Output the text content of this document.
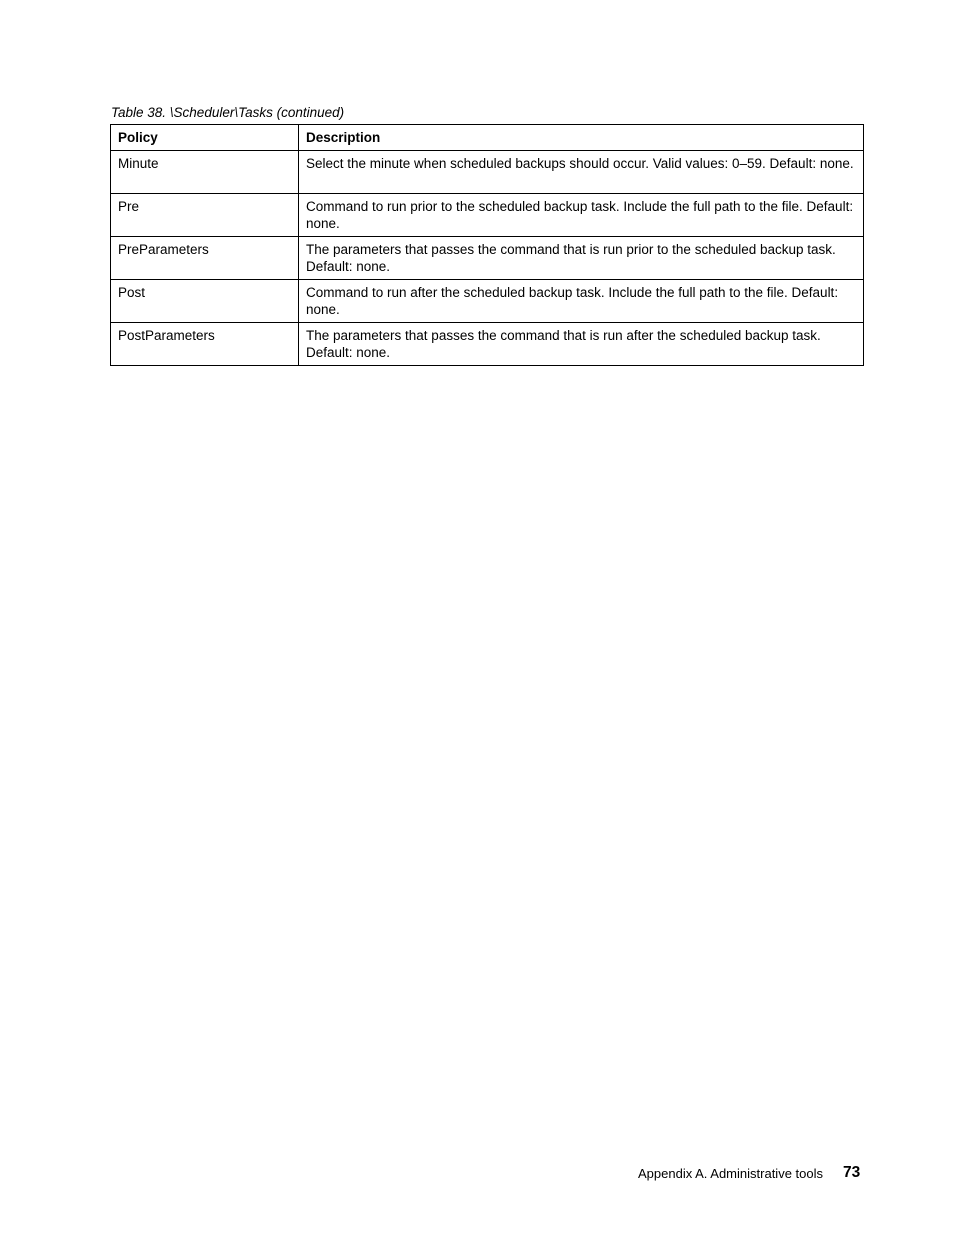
Table 38. \Scheduler\Tasks (continued)
Policy	Description
Minute	Select the minute when scheduled backups should occur. Valid values: 0–59. Default: none.
Pre	Command to run prior to the scheduled backup task. Include the full path to the file. Default: none.
PreParameters	The parameters that passes the command that is run prior to the scheduled backup task. Default: none.
Post	Command to run after the scheduled backup task. Include the full path to the file. Default: none.
PostParameters	The parameters that passes the command that is run after the scheduled backup task. Default: none.
Appendix A. Administrative tools 73
